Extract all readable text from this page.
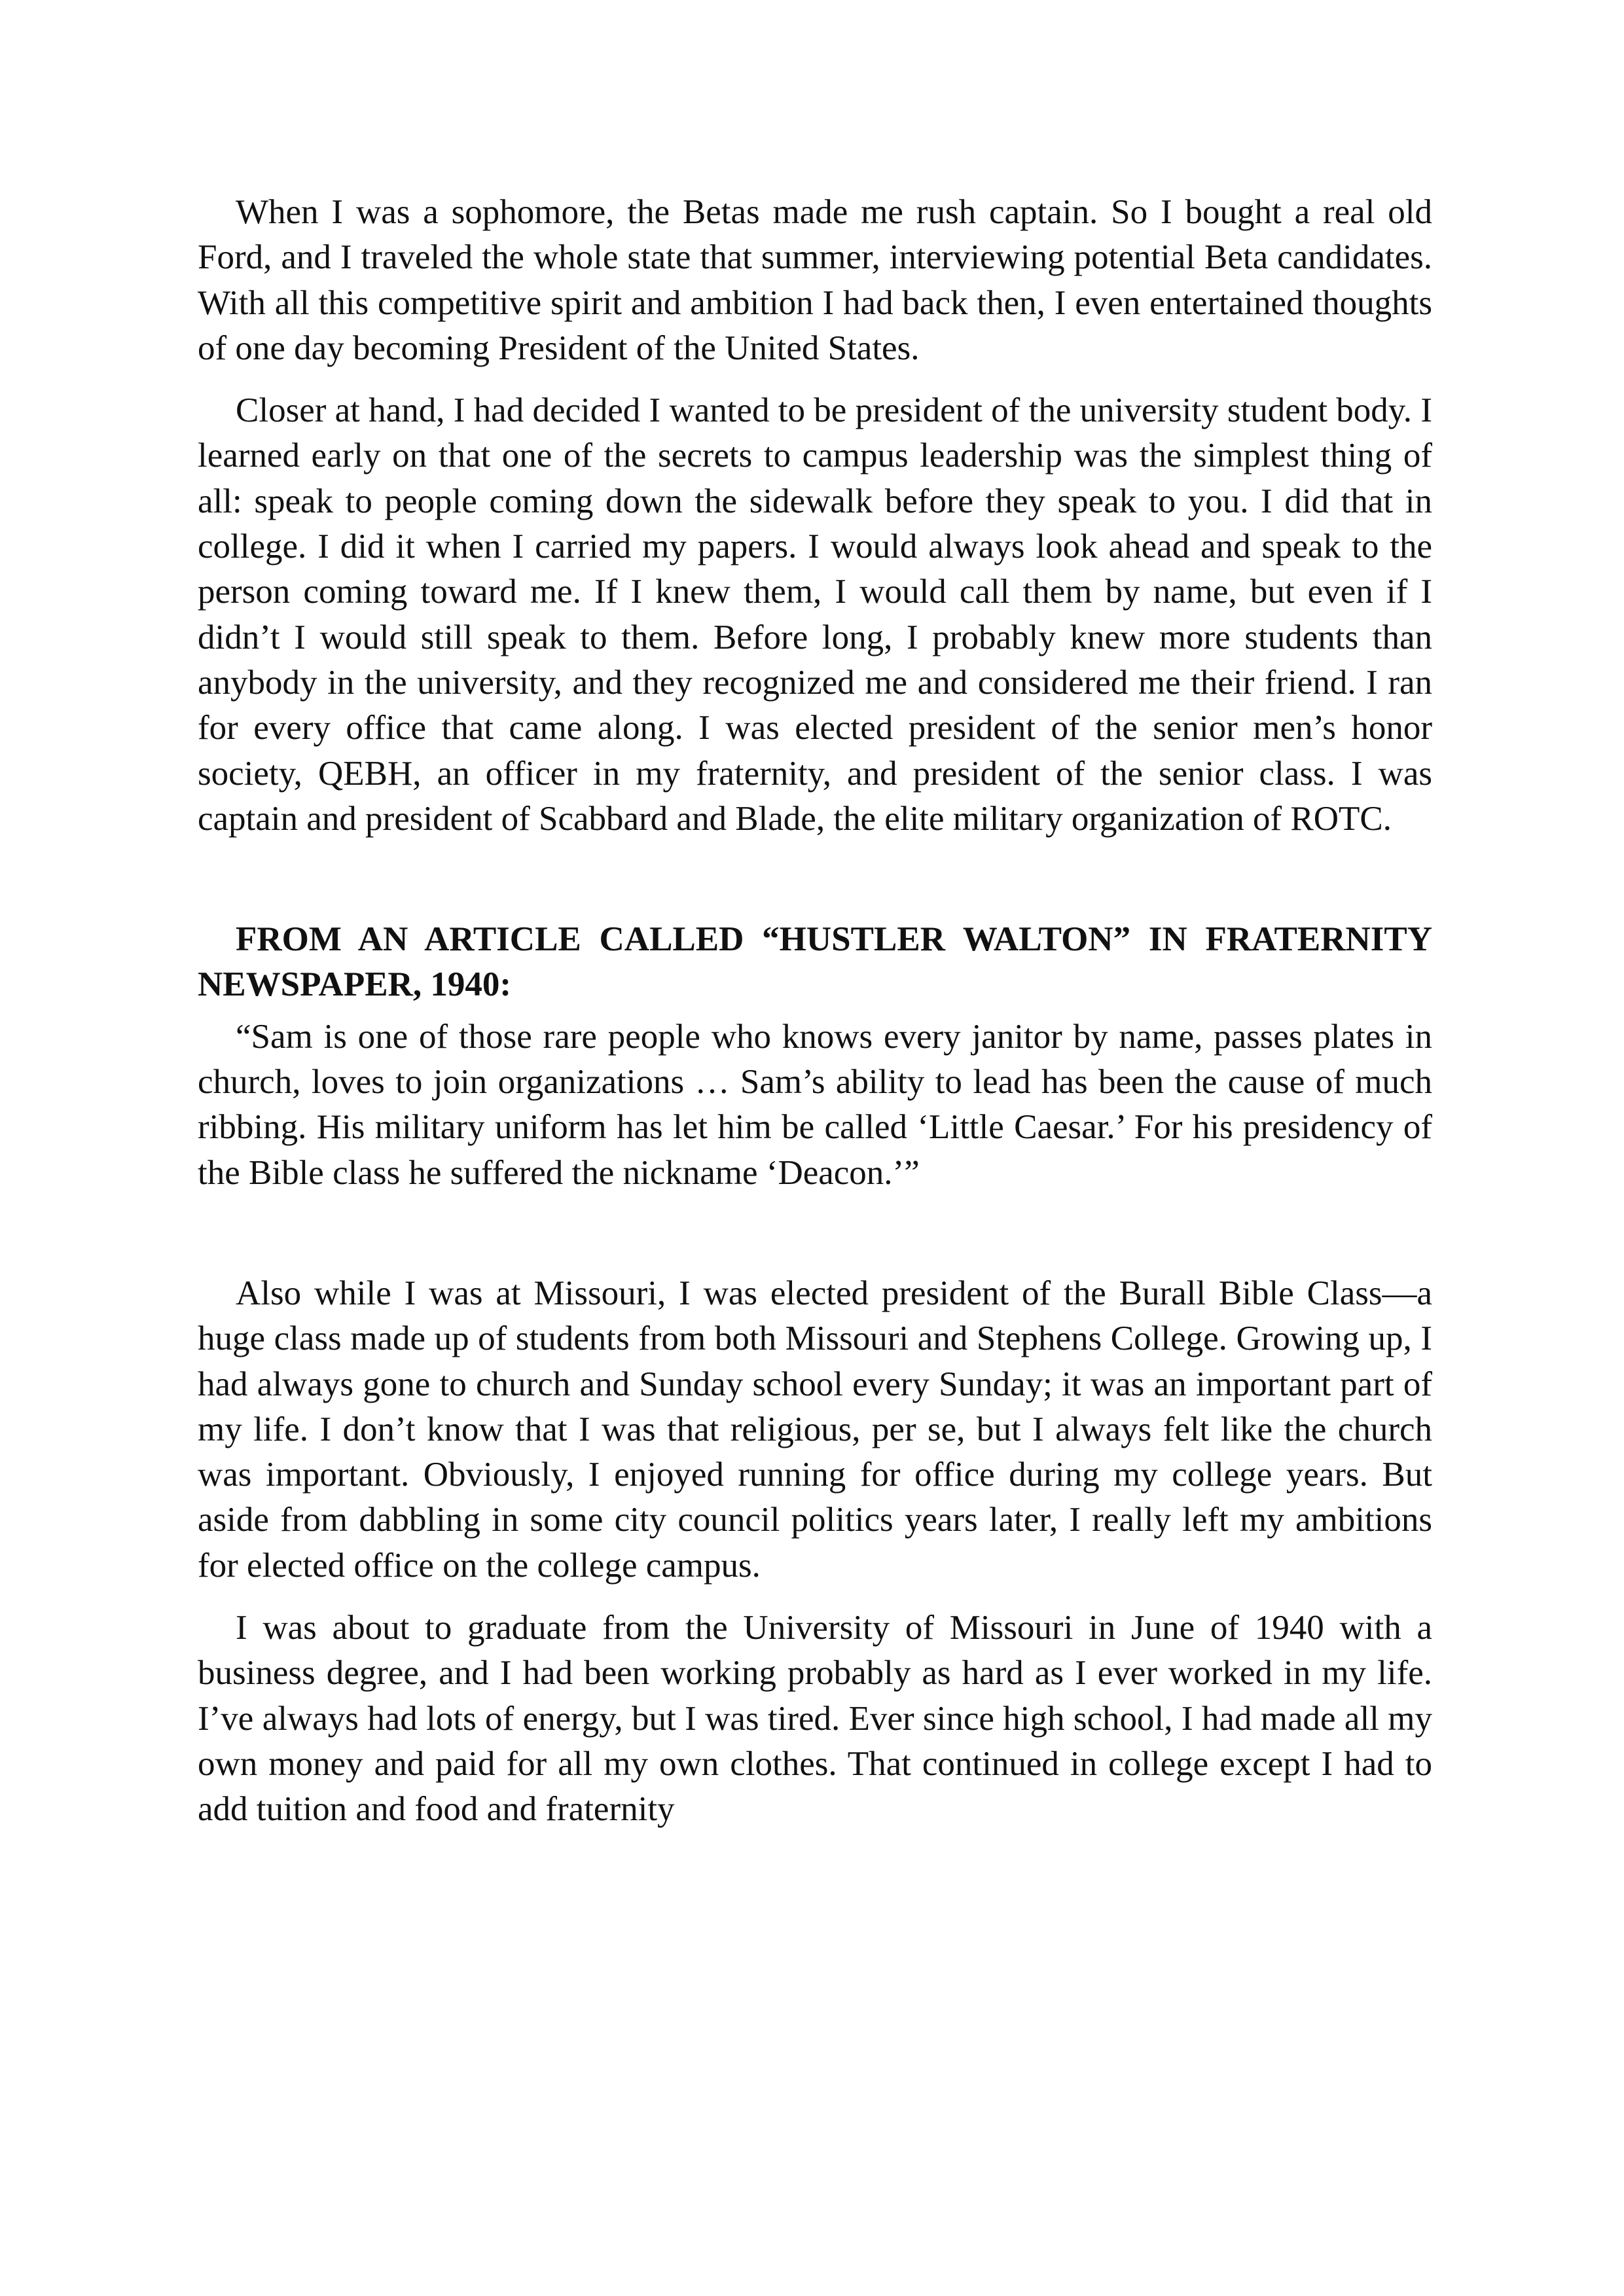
When I was a sophomore, the Betas made me rush captain. So I bought a real old Ford, and I traveled the whole state that summer, interviewing potential Beta candidates. With all this competitive spirit and ambition I had back then, I even entertained thoughts of one day becoming President of the United States.

Closer at hand, I had decided I wanted to be president of the university student body. I learned early on that one of the secrets to campus leadership was the simplest thing of all: speak to people coming down the sidewalk before they speak to you. I did that in college. I did it when I carried my papers. I would always look ahead and speak to the person coming toward me. If I knew them, I would call them by name, but even if I didn’t I would still speak to them. Before long, I probably knew more students than anybody in the university, and they recognized me and considered me their friend. I ran for every office that came along. I was elected president of the senior men’s honor society, QEBH, an officer in my fraternity, and president of the senior class. I was captain and president of Scabbard and Blade, the elite military organization of ROTC.

FROM AN ARTICLE CALLED “HUSTLER WALTON” IN FRATERNITY NEWSPAPER, 1940:

“Sam is one of those rare people who knows every janitor by name, passes plates in church, loves to join organizations … Sam’s ability to lead has been the cause of much ribbing. His military uniform has let him be called ‘Little Caesar.’ For his presidency of the Bible class he suffered the nickname ‘Deacon.’”

Also while I was at Missouri, I was elected president of the Burall Bible Class—a huge class made up of students from both Missouri and Stephens College. Growing up, I had always gone to church and Sunday school every Sunday; it was an important part of my life. I don’t know that I was that religious, per se, but I always felt like the church was important. Obviously, I enjoyed running for office during my college years. But aside from dabbling in some city council politics years later, I really left my ambitions for elected office on the college campus.

I was about to graduate from the University of Missouri in June of 1940 with a business degree, and I had been working probably as hard as I ever worked in my life. I’ve always had lots of energy, but I was tired. Ever since high school, I had made all my own money and paid for all my own clothes. That continued in college except I had to add tuition and food and fraternity
